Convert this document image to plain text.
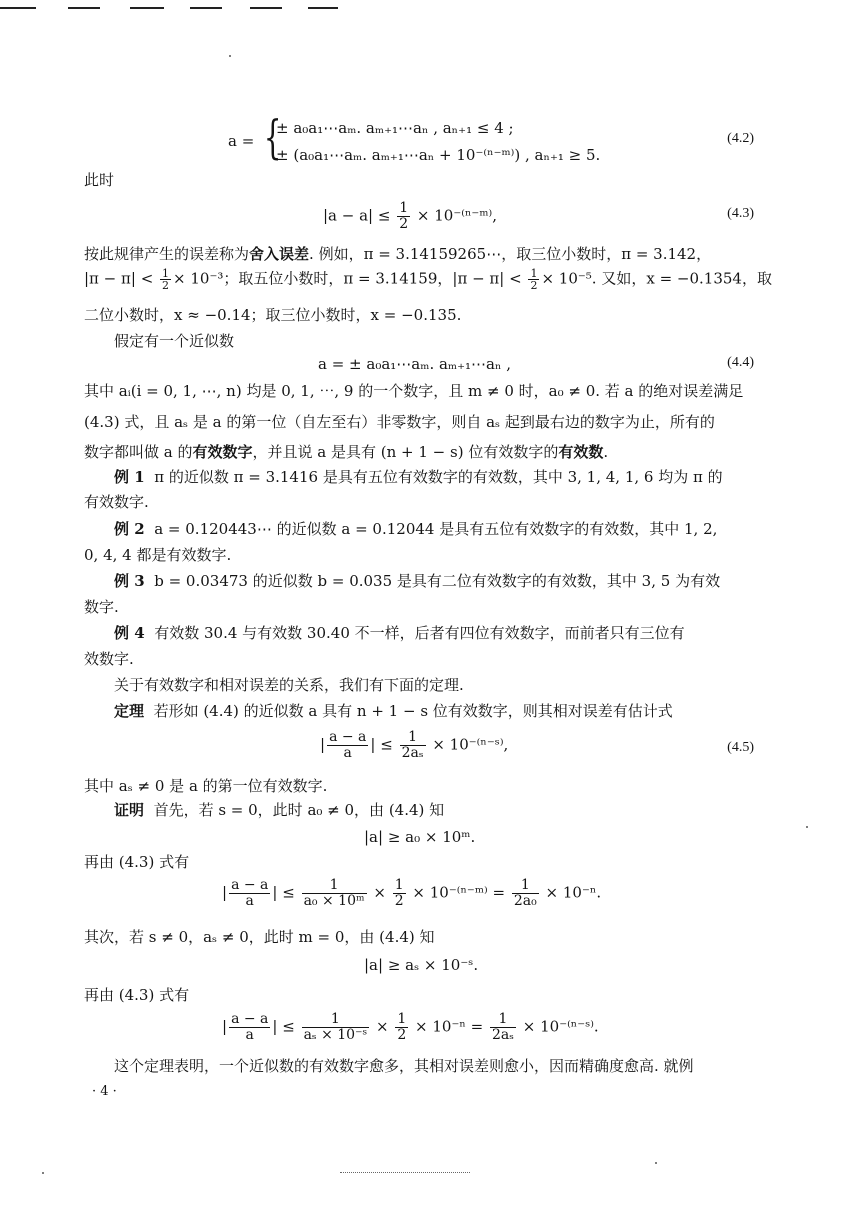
a = {
± a₀a₁⋯aₘ. aₘ₊₁⋯aₙ , aₙ₊₁ ≤ 4 ;
± (a₀a₁⋯aₘ. aₘ₊₁⋯aₙ + 10⁻⁽ⁿ⁻ᵐ⁾) , aₙ₊₁ ≥ 5.
(4.2)
此时
$|a - a| \le \frac{1}{2}$ × 10⁻⁽ⁿ⁻ᵐ⁾,	(4.3)
按此规律产生的误差称为舍入误差. 例如，π = 3.14159265⋯，取三位小数时，π = 3.142，
$|\pi - \pi| < \frac{1}{2} \times 10^{-3}$；取五位小数时，π = 3.14159，$|\pi - \pi| < \frac{1}{2} \times 10^{-5}$. 又如，x = −0.1354，取
二位小数时，x ≈ −0.14；取三位小数时，x = −0.135.
假定有一个近似数
a = ± a₀a₁⋯aₘ. aₘ₊₁⋯aₙ ,	(4.4)
其中 aᵢ(i = 0, 1, ⋯, n) 均是 0, 1, ⋯, 9 的一个数字，且 m ≠ 0 时，a₀ ≠ 0. 若 a 的绝对误差满足
(4.3) 式，且 aₛ 是 a 的第一位（自左至右）非零数字，则自 aₛ 起到最右边的数字为止，所有的
数字都叫做 a 的有效数字，并且说 a 是具有 (n + 1 − s) 位有效数字的有效数.
例 1 π 的近似数 π = 3.1416 是具有五位有效数字的有效数，其中 3, 1, 4, 1, 6 均为 π 的
有效数字.
例 2 a = 0.120443⋯ 的近似数 a = 0.12044 是具有五位有效数字的有效数，其中 1, 2,
0, 4, 4 都是有效数字.
例 3 b = 0.03473 的近似数 b = 0.035 是具有二位有效数字的有效数，其中 3, 5 为有效
数字.
例 4 有效数 30.4 与有效数 30.40 不一样，后者有四位有效数字，而前者只有三位有
效数字.
关于有效数字和相对误差的关系，我们有下面的定理.
定理 若形如 (4.4) 的近似数 a 具有 n + 1 − s 位有效数字，则其相对误差有估计式
| $\frac{a - a}{a}$ | ≤ $\frac{1}{\text{2aₛ}}$ × 10⁻⁽ⁿ⁻ˢ⁾,	(4.5)
其中 aₛ ≠ 0 是 a 的第一位有效数字.
证明 首先，若 s = 0，此时 a₀ ≠ 0，由 (4.4) 知
|a| ≥ a₀ × 10ᵐ.
再由 (4.3) 式有
| $\frac{a - a}{a}$ | ≤ $\frac{1}{\text{a₀ × 10ᵐ}} \times \frac{1}{2}$ × 10⁻⁽ⁿ⁻ᵐ⁾ = $\frac{1}{\text{2a₀}} \times 10^{-n}$.
其次，若 s ≠ 0，aₛ ≠ 0，此时 m = 0，由 (4.4) 知
|a| ≥ aₛ × 10⁻ˢ.
再由 (4.3) 式有
| $\frac{a - a}{a}$ | ≤ $\frac{1}{\text{aₛ × 10⁻ˢ}} \times \frac{1}{2} \times 10^{-n} = \frac{1}{\text{2aₛ}}$ × 10⁻⁽ⁿ⁻ˢ⁾.
这个定理表明，一个近似数的有效数字愈多，其相对误差则愈小，因而精确度愈高. 就例
· 4 ·
